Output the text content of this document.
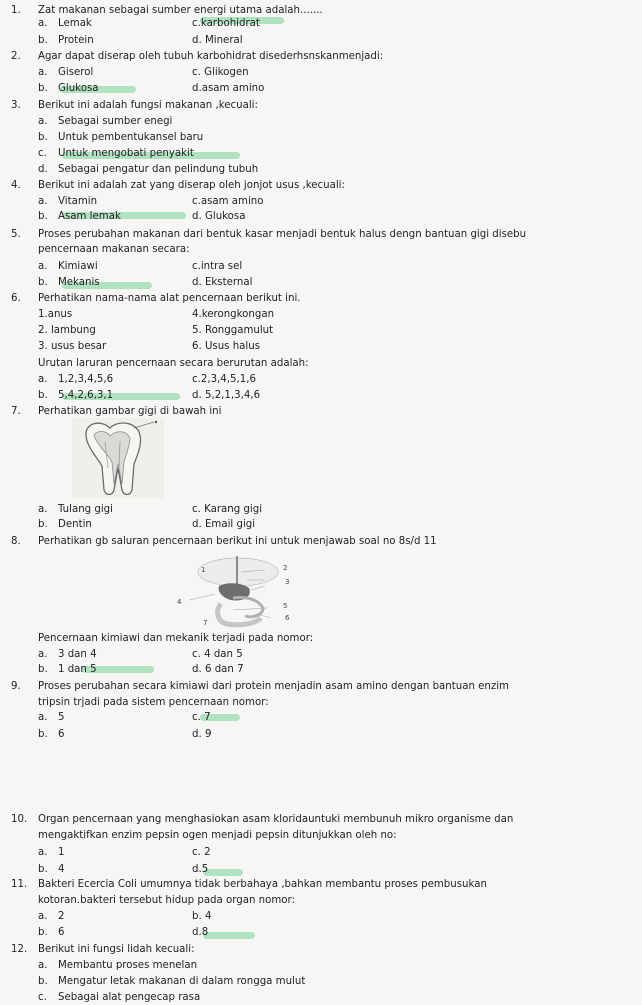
1. Zat makanan sebagai sumber energi utama adalah.......
a. Lemak	c.karbohidrat
b. Protein	d. Mineral
2. Agar dapat diserap oleh tubuh karbohidrat disederhsnskanmenjadi:
a. Giserol	c. Glikogen
b. Glukosa	d.asam amino
3. Berikut ini adalah fungsi makanan ,kecuali:
a. Sebagai sumber enegi
b. Untuk pembentukansel baru
c. Untuk mengobati penyakit
d. Sebagai pengatur dan pelindung tubuh
4. Berikut ini adalah zat yang diserap oleh jonjot usus ,kecuali:
a. Vitamin	c.asam amino
b. Asam lemak	d. Glukosa
5. Proses perubahan makanan dari bentuk kasar menjadi bentuk halus dengn bantuan gigi disebu
pencernaan makanan secara:
a. Kimiawi	c.intra sel
b. Mekanis	d. Eksternal
6. Perhatikan nama-nama alat pencernaan berikut ini.
1.anus	4.kerongkongan
2. lambung	5. Ronggamulut
3. usus besar	6. Usus halus
Urutan laruran pencernaan secara berurutan adalah:
a. 1,2,3,4,5,6	c.2,3,4,5,1,6
b. 5,4,2,6,3,1	d. 5,2,1,3,4,6
7. Perhatikan gambar gigi di bawah ini
a. Tulang gigi	c. Karang gigi
b. Dentin	d. Email gigi
8. Perhatikan gb saluran pencernaan berikut ini untuk menjawab soal no 8s/d 11
1	2
3
4	5
6
7
Pencernaan kimiawi dan mekanik terjadi pada nomor:
a. 3 dan 4	c. 4 dan 5
b. 1 dan 5	d. 6 dan 7
9. Proses perubahan secara kimiawi dari protein menjadin asam amino dengan bantuan enzim
tripsin trjadi pada sistem pencernaan nomor:
a. 5	c. 7
b. 6	d. 9
10. Organ pencernaan yang menghasiokan asam kloridauntuki membunuh mikro organisme dan
mengaktifkan enzim pepsin ogen menjadi pepsin ditunjukkan oleh no:
a. 1	c. 2
b. 4	d.5
11. Bakteri Ecercia Coli umumnya tidak berbahaya ,bahkan membantu proses pembusukan
kotoran.bakteri tersebut hidup pada organ nomor:
a. 2	b. 4
b. 6	d.8
12. Berikut ini fungsi lidah kecuali:
a. Membantu proses menelan
b. Mengatur letak makanan di dalam rongga mulut
c. Sebagai alat pengecap rasa
